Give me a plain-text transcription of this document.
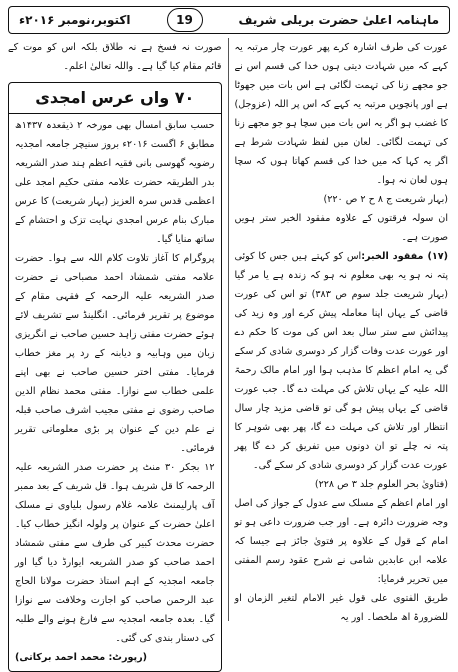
ماہنامہ اعلیٰ حضرت بریلی شریف
19
اکتوبر،نومبر ۲۰۱۶ء

عورت کی طرف اشارہ کرے پھر عورت چار مرتبہ یہ کہے کہ میں شہادت دیتی ہوں خدا کی قسم اس نے جو مجھے زنا کی تہمت لگائی ہے اس بات میں جھوٹا ہے اور پانچویں مرتبہ یہ کہے کہ اس پر اللہ (عزوجل) کا غضب ہو اگر یہ اس بات میں سچا ہو جو مجھے زنا کی تہمت لگائی۔ لعان میں لفظ شہادت شرط ہے اگر یہ کہا کہ میں خدا کی قسم کھاتا ہوں کہ سچا ہوں لعان نہ ہوا۔

(بہار شریعت ج ۸ ح ۲ ص ۲۲۰)

ان سولہ فرقتوں کے علاوہ مفقود الخبر ستر ہویں صورت ہے۔

(۱۷) مفقود الخبر:اس کو کہتے ہیں جس کا کوئی پتہ نہ ہو یہ بھی معلوم نہ ہو کہ زندہ ہے یا مر گیا (بہار شریعت جلد سوم ص ۳۸۳) تو اس کی عورت قاضی کے یہاں اپنا معاملہ پیش کرے اور وہ زید کی پیدائش سے ستر سال بعد اس کی موت کا حکم دے اور عورت عدت وفات گزار کر دوسری شادی کر سکے گی یہ امام اعظم کا مذہب ہوا اور امام مالک رحمۃ اللہ علیہ کے یہاں تلاش کی مہلت دے گا۔ جب عورت قاضی کے یہاں پیش ہو گی تو قاضی مزید چار سال انتظار اور تلاش کی مہلت دے گا، پھر بھی شوہر کا پتہ نہ چلے تو ان دونوں میں تفریق کر دے گا پھر عورت عدت گزار کر دوسری شادی کر سکے گی۔

(فتاویٰ بحر العلوم جلد ۳ ص ۲۲۸)

اور امام اعظم کے مسلک سے عدول کے جواز کی اصل وجہ ضرورت دائرہ ہے۔ اور جب ضرورت داعی ہو تو امام کے قول کے علاوہ پر فتویٰ جائز ہے جیسا کہ علامہ ابن عابدین شامی نے شرح عقود رسم المفتی میں تحریر فرمایا:

طریق الفتوی علی قول غیر الامام لتغیر الزمان او للضرورۃ اھ ملخصا۔ اور یہ

صورت نہ فسخ ہے نہ طلاق بلکہ اس کو موت کے قائم مقام کیا گیا ہے۔ واللہ تعالیٰ اعلم۔

۷۰ واں عرس امجدی

حسب سابق امسال بھی مورخہ ۲ ذیقعدہ ۱۴۳۷ھ مطابق ۶ اگست ۲۰۱۶ء بروز سنیچر جامعہ امجدیہ رضویہ گھوسی بانی فقیہ اعظم ہند صدر الشریعہ بدر الطریقہ حضرت علامہ مفتی حکیم امجد علی اعظمی قدس سرہ العزیز (بہار شریعت) کا عرس مبارک بنام عرس امجدی نہایت تزک و احتشام کے ساتھ منایا گیا۔

پروگرام کا آغاز تلاوت کلام اللہ سے ہوا۔ حضرت علامہ مفتی شمشاد احمد مصباحی نے حضرت صدر الشریعہ علیہ الرحمہ کے فقہی مقام کے موضوع پر تقریر فرمائی۔ انگلینڈ سے تشریف لائے ہوئے حضرت مفتی زاہد حسین صاحب نے انگریزی زبان میں وہابیہ و دیابنہ کے رد پر مغز خطاب فرمایا۔ مفتی اختر حسین صاحب نے بھی اپنے علمی خطاب سے نوازا۔ مفتی محمد نظام الدین صاحب رضوی نے مفتی مجیب اشرف صاحب قبلہ نے علم دین کے عنوان پر بڑی معلوماتی تقریر فرمائی۔

۱۲ بجکر ۳۰ منٹ پر حضرت صدر الشریعہ علیہ الرحمہ کا قل شریف ہوا۔ قل شریف کے بعد ممبر آف پارلیمنٹ علامہ غلام رسول بلیاوی نے مسلک اعلیٰ حضرت کے عنوان پر ولولہ انگیز خطاب کیا۔ حضرت محدث کبیر کی طرف سے مفتی شمشاد احمد صاحب کو صدر الشریعہ ایوارڈ دیا گیا اور جامعہ امجدیہ کے اہم استاذ حضرت مولانا الحاج عبد الرحمن صاحب کو اجازت وخلافت سے نوازا گیا۔ بعدہ جامعہ امجدیہ سے فارغ ہونے والے طلبہ کی دستار بندی کی گئی۔

(رپورٹ: محمد احمد برکاتی)
